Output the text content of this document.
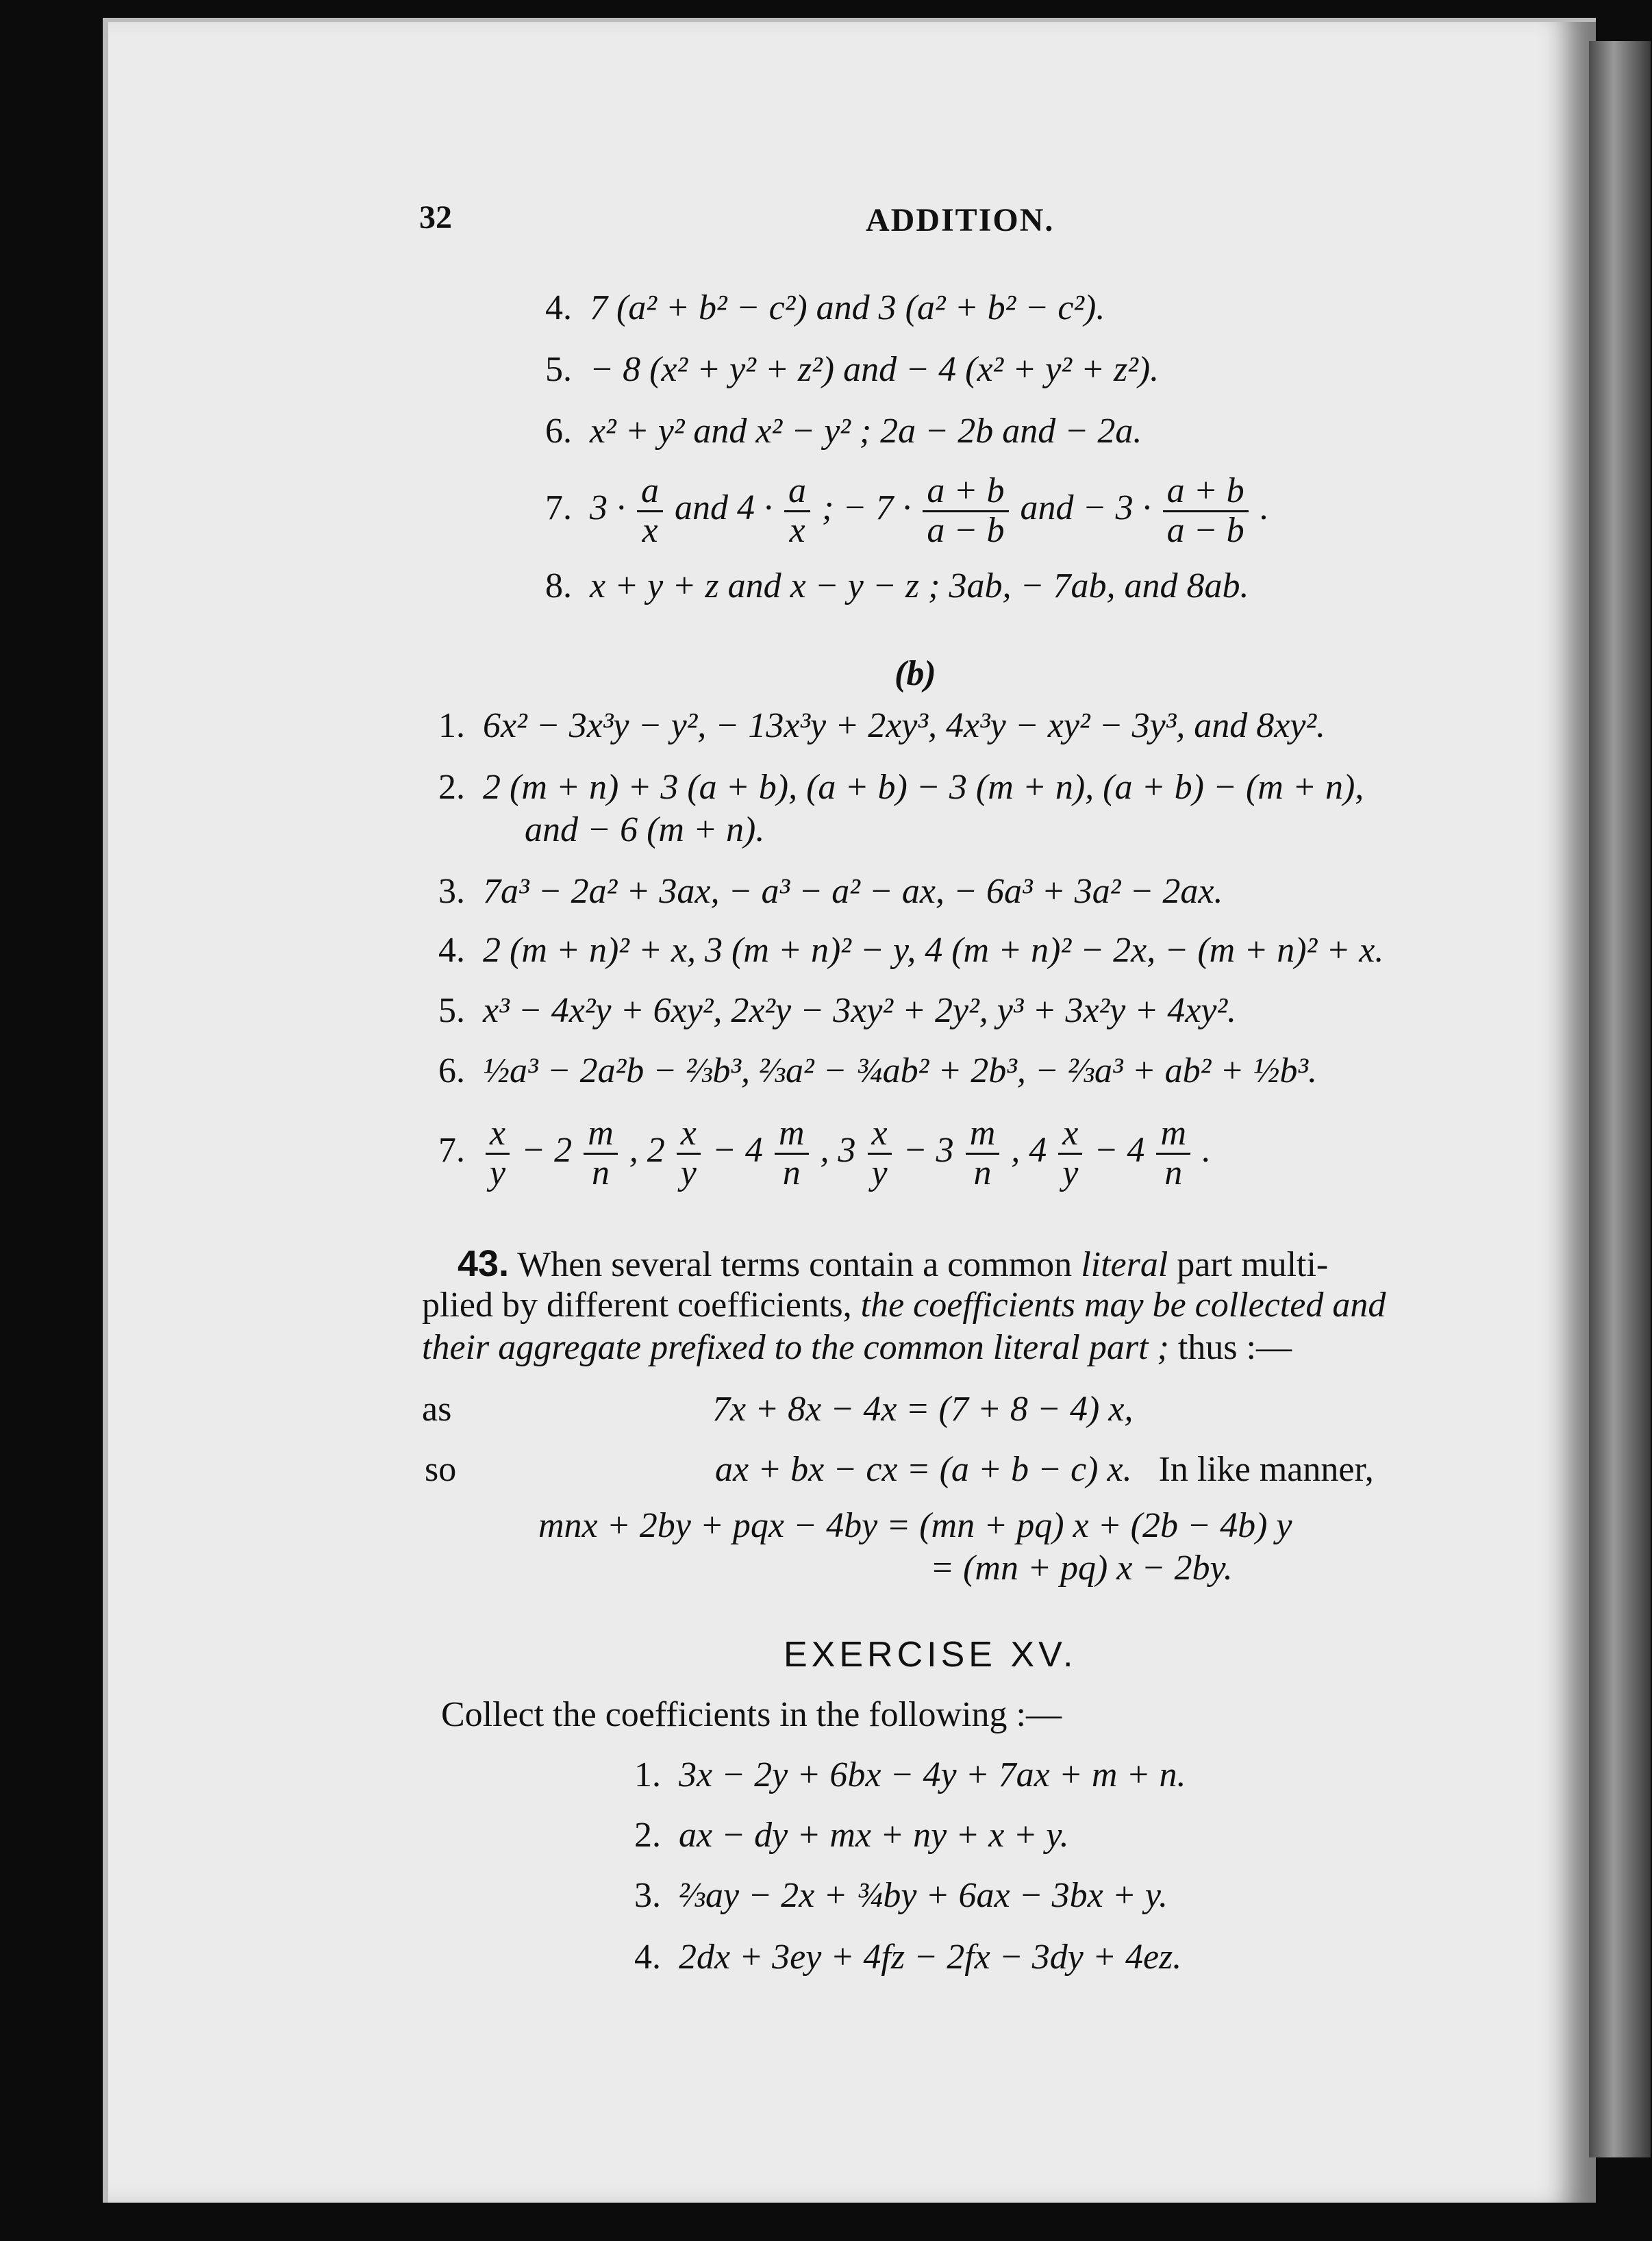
32	ADDITION.
4. 7 (a² + b² − c²) and 3 (a² + b² − c²).
5. − 8 (x² + y² + z²) and − 4 (x² + y² + z²).
6. x² + y² and x² − y² ; 2a − 2b and − 2a.
7. $3 \cdot \frac{a}{x}$ and $4 \cdot \frac{a}{x}$ ; − $7 \cdot \frac{a + b}{a - b}$ and − $3 \cdot \frac{a + b}{a - b}$ .
8. x + y + z and x − y − z ; 3ab, − 7ab, and 8ab.
(b)
1. 6x² − 3x³y − y², − 13x³y + 2xy³, 4x³y − xy² − 3y³, and 8xy².
2. 2 (m + n) + 3 (a + b), (a + b) − 3 (m + n), (a + b) − (m + n),
and − 6 (m + n).
3. 7a³ − 2a² + 3ax, − a³ − a² − ax, − 6a³ + 3a² − 2ax.
4. 2 (m + n)² + x, 3 (m + n)² − y, 4 (m + n)² − 2x, − (m + n)² + x.
5. x³ − 4x²y + 6xy², 2x²y − 3xy² + 2y², y³ + 3x²y + 4xy².
6. ½a³ − 2a²b − ⅔b³, ⅔a² − ¾ab² + 2b³, − ⅔a³ + ab² + ½b³.
7. $\frac{x}{y} - 2 \frac{m}{n}$ , $2 \frac{x}{y} - 4 \frac{m}{n}$ , $3 \frac{x}{y} - 3 \frac{m}{n}$ , $4 \frac{x}{y} - 4 \frac{m}{n}$ .
43. When several terms contain a common literal part multi-
plied by different coefficients, the coefficients may be collected and
their aggregate prefixed to the common literal part ; thus :—
as	7x + 8x − 4x = (7 + 8 − 4) x,
so	ax + bx − cx = (a + b − c) x. In like manner,
mnx + 2by + pqx − 4by = (mn + pq) x + (2b − 4b) y
= (mn + pq) x − 2by.
EXERCISE XV.
Collect the coefficients in the following :—
1. 3x − 2y + 6bx − 4y + 7ax + m + n.
2. ax − dy + mx + ny + x + y.
3. ⅔ay − 2x + ¾by + 6ax − 3bx + y.
4. 2dx + 3ey + 4fz − 2fx − 3dy + 4ez.
